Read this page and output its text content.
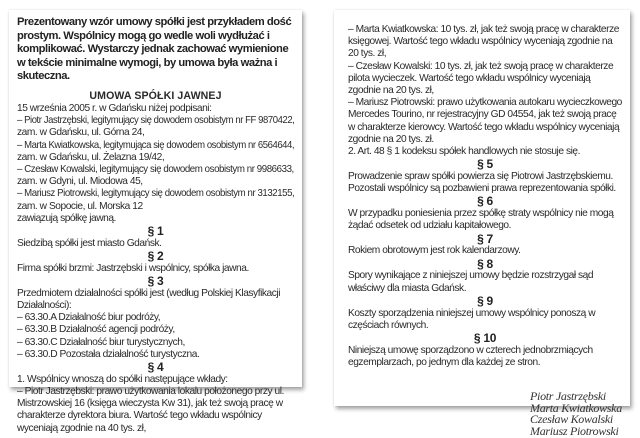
Prezentowany wzór umowy spółki jest przykładem dość prostym. Wspólnicy mogą go wedle woli wydłużać i komplikować. Wystarczy jednak zachować wymienione w tekście minimalne wymogi, by umowa była ważna i skuteczna.

UMOWA SPÓŁKI JAWNEJ

15 września 2005 r. w Gdańsku niżej podpisani:

– Piotr Jastrzębski, legitymujący się dowodem osobistym nr FF 9870422,

zam. w Gdańsku, ul. Górna 24,

– Marta Kwiatkowska, legitymująca się dowodem osobistym nr 6564644,

zam. w Gdańsku, ul. Żelazna 19/42,

– Czesław Kowalski, legitymujący się dowodem osobistym nr 9986633,

zam. w Gdyni, ul. Miodowa 45,

– Mariusz Piotrowski, legitymujący się dowodem osobistym nr 3132155,

zam. w Sopocie, ul. Morska 12

zawiązują spółkę jawną.

§ 1

Siedzibą spółki jest miasto Gdańsk.

§ 2

Firma spółki brzmi: Jastrzębski i wspólnicy, spółka jawna.

§ 3

Przedmiotem działalności spółki jest (według Polskiej Klasyfikacji Działalności):

– 63.30.A Działalność biur podróży,

– 63.30.B Działalność agencji podróży,

– 63.30.C Działalność biur turystycznych,

– 63.30.D Pozostała działalność turystyczna.

§ 4

1. Wspólnicy wnoszą do spółki następujące wkłady:

– Piotr Jastrzębski: prawo użytkowania lokalu położonego przy ul. Mistrzowskiej 16 (księga wieczysta Kw 31), jak też swoją pracę w charakterze dyrektora biura. Wartość tego wkładu wspólnicy wyceniają zgodnie na 40 tys. zł,

– Marta Kwiatkowska: 10 tys. zł, jak też swoją pracę w charakterze księgowej. Wartość tego wkładu wspólnicy wyceniają zgodnie na 20 tys. zł,

– Czesław Kowalski: 10 tys. zł, jak też swoją pracę w charakterze pilota wycieczek. Wartość tego wkładu wspólnicy wyceniają zgodnie na 20 tys. zł,

– Mariusz Piotrowski: prawo użytkowania autokaru wycieczkowego Mercedes Tourino, nr rejestracyjny GD 04554, jak też swoją pracę w charakterze kierowcy. Wartość tego wkładu wspólnicy wyceniają zgodnie na 20 tys. zł.

2. Art. 48 § 1 kodeksu spółek handlowych nie stosuje się.

§ 5

Prowadzenie spraw spółki powierza się Piotrowi Jastrzębskiemu. Pozostali wspólnicy są pozbawieni prawa reprezentowania spółki.

§ 6

W przypadku poniesienia przez spółkę straty wspólnicy nie mogą żądać odsetek od udziału kapitałowego.

§ 7

Rokiem obrotowym jest rok kalendarzowy.

§ 8

Spory wynikające z niniejszej umowy będzie rozstrzygał sąd właściwy dla miasta Gdańsk.

§ 9

Koszty sporządzenia niniejszej umowy wspólnicy ponoszą w częściach równych.

§ 10

Niniejszą umowę sporządzono w czterech jednobrzmiących egzemplarzach, po jednym dla każdej ze stron.

Piotr Jastrzębski
Marta Kwiatkowska
Czesław Kowalski
Mariusz Piotrowski
